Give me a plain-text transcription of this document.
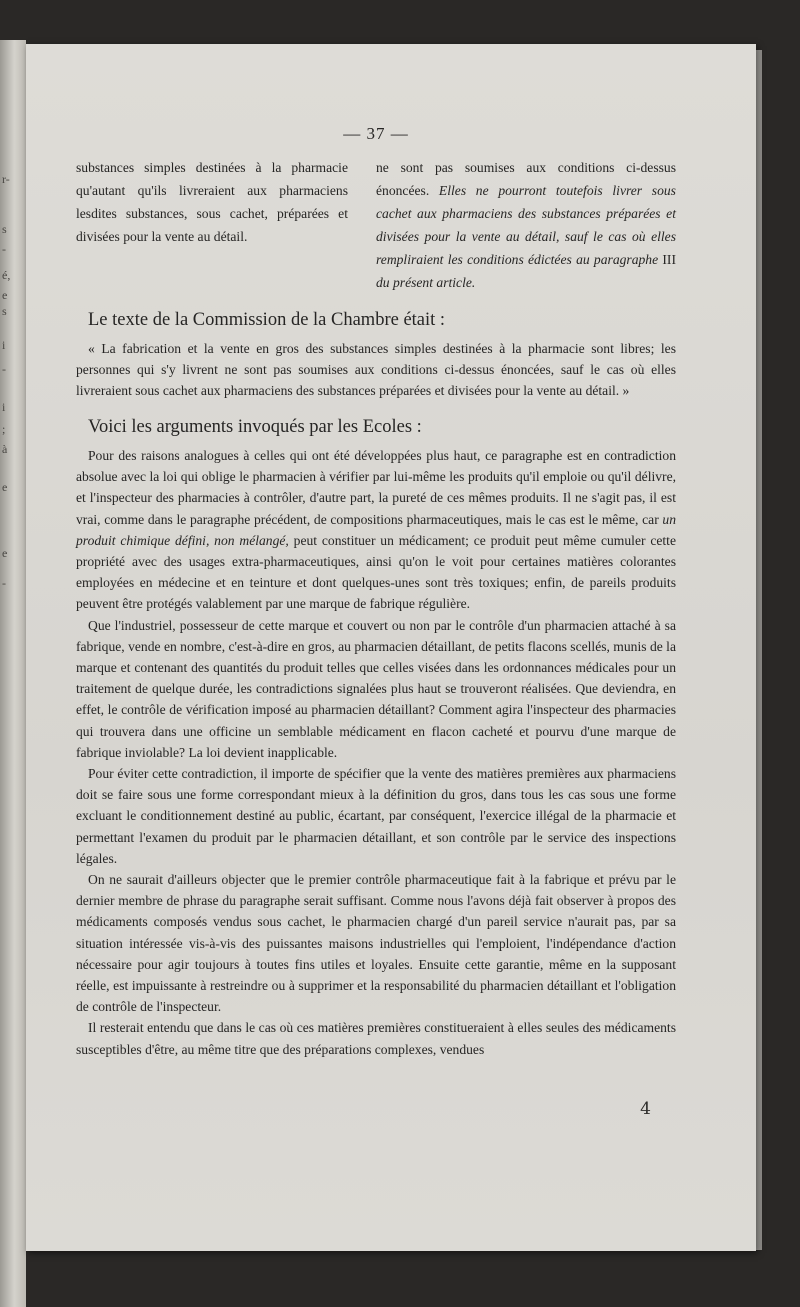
r-
s
-
é,
e
s
i
-
i
;
à
e
e
-
— 37 —
substances simples destinées à la pharmacie qu'autant qu'ils livreraient aux pharmaciens lesdites substances, sous cachet, préparées et divisées pour la vente au détail.
ne sont pas soumises aux conditions ci-dessus énoncées. Elles ne pourront toutefois livrer sous cachet aux pharmaciens des substances préparées et divisées pour la vente au détail, sauf le cas où elles rempliraient les conditions édictées au paragraphe III du présent article.
Le texte de la Commission de la Chambre était :
« La fabrication et la vente en gros des substances simples destinées à la pharmacie sont libres; les personnes qui s'y livrent ne sont pas soumises aux conditions ci-dessus énoncées, sauf le cas où elles livreraient sous cachet aux pharmaciens des substances préparées et divisées pour la vente au détail. »
Voici les arguments invoqués par les Ecoles :

Pour des raisons analogues à celles qui ont été développées plus haut, ce paragraphe est en contradiction absolue avec la loi qui oblige le pharmacien à vérifier par lui-même les produits qu'il emploie ou qu'il délivre, et l'inspecteur des pharmacies à contrôler, d'autre part, la pureté de ces mêmes produits. Il ne s'agit pas, il est vrai, comme dans le paragraphe précédent, de compositions pharmaceutiques, mais le cas est le même, car un produit chimique défini, non mélangé, peut constituer un médicament; ce produit peut même cumuler cette propriété avec des usages extra-pharmaceutiques, ainsi qu'on le voit pour certaines matières colorantes employées en médecine et en teinture et dont quelques-unes sont très toxiques; enfin, de pareils produits peuvent être protégés valablement par une marque de fabrique régulière.

Que l'industriel, possesseur de cette marque et couvert ou non par le contrôle d'un pharmacien attaché à sa fabrique, vende en nombre, c'est-à-dire en gros, au pharmacien détaillant, de petits flacons scellés, munis de la marque et contenant des quantités du produit telles que celles visées dans les ordonnances médicales pour un traitement de quelque durée, les contradictions signalées plus haut se trouveront réalisées. Que deviendra, en effet, le contrôle de vérification imposé au pharmacien détaillant? Comment agira l'inspecteur des pharmacies qui trouvera dans une officine un semblable médicament en flacon cacheté et pourvu d'une marque de fabrique inviolable? La loi devient inapplicable.

Pour éviter cette contradiction, il importe de spécifier que la vente des matières premières aux pharmaciens doit se faire sous une forme correspondant mieux à la définition du gros, dans tous les cas sous une forme excluant le conditionnement destiné au public, écartant, par conséquent, l'exercice illégal de la pharmacie et permettant l'examen du produit par le pharmacien détaillant, et son contrôle par le service des inspections légales.

On ne saurait d'ailleurs objecter que le premier contrôle pharmaceutique fait à la fabrique et prévu par le dernier membre de phrase du paragraphe serait suffisant. Comme nous l'avons déjà fait observer à propos des médicaments composés vendus sous cachet, le pharmacien chargé d'un pareil service n'aurait pas, par sa situation intéressée vis-à-vis des puissantes maisons industrielles qui l'emploient, l'indépendance d'action nécessaire pour agir toujours à toutes fins utiles et loyales. Ensuite cette garantie, même en la supposant réelle, est impuissante à restreindre ou à supprimer et la responsabilité du pharmacien détaillant et l'obligation de contrôle de l'inspecteur.

Il resterait entendu que dans le cas où ces matières premières constitueraient à elles seules des médicaments susceptibles d'être, au même titre que des préparations complexes, vendues

4
